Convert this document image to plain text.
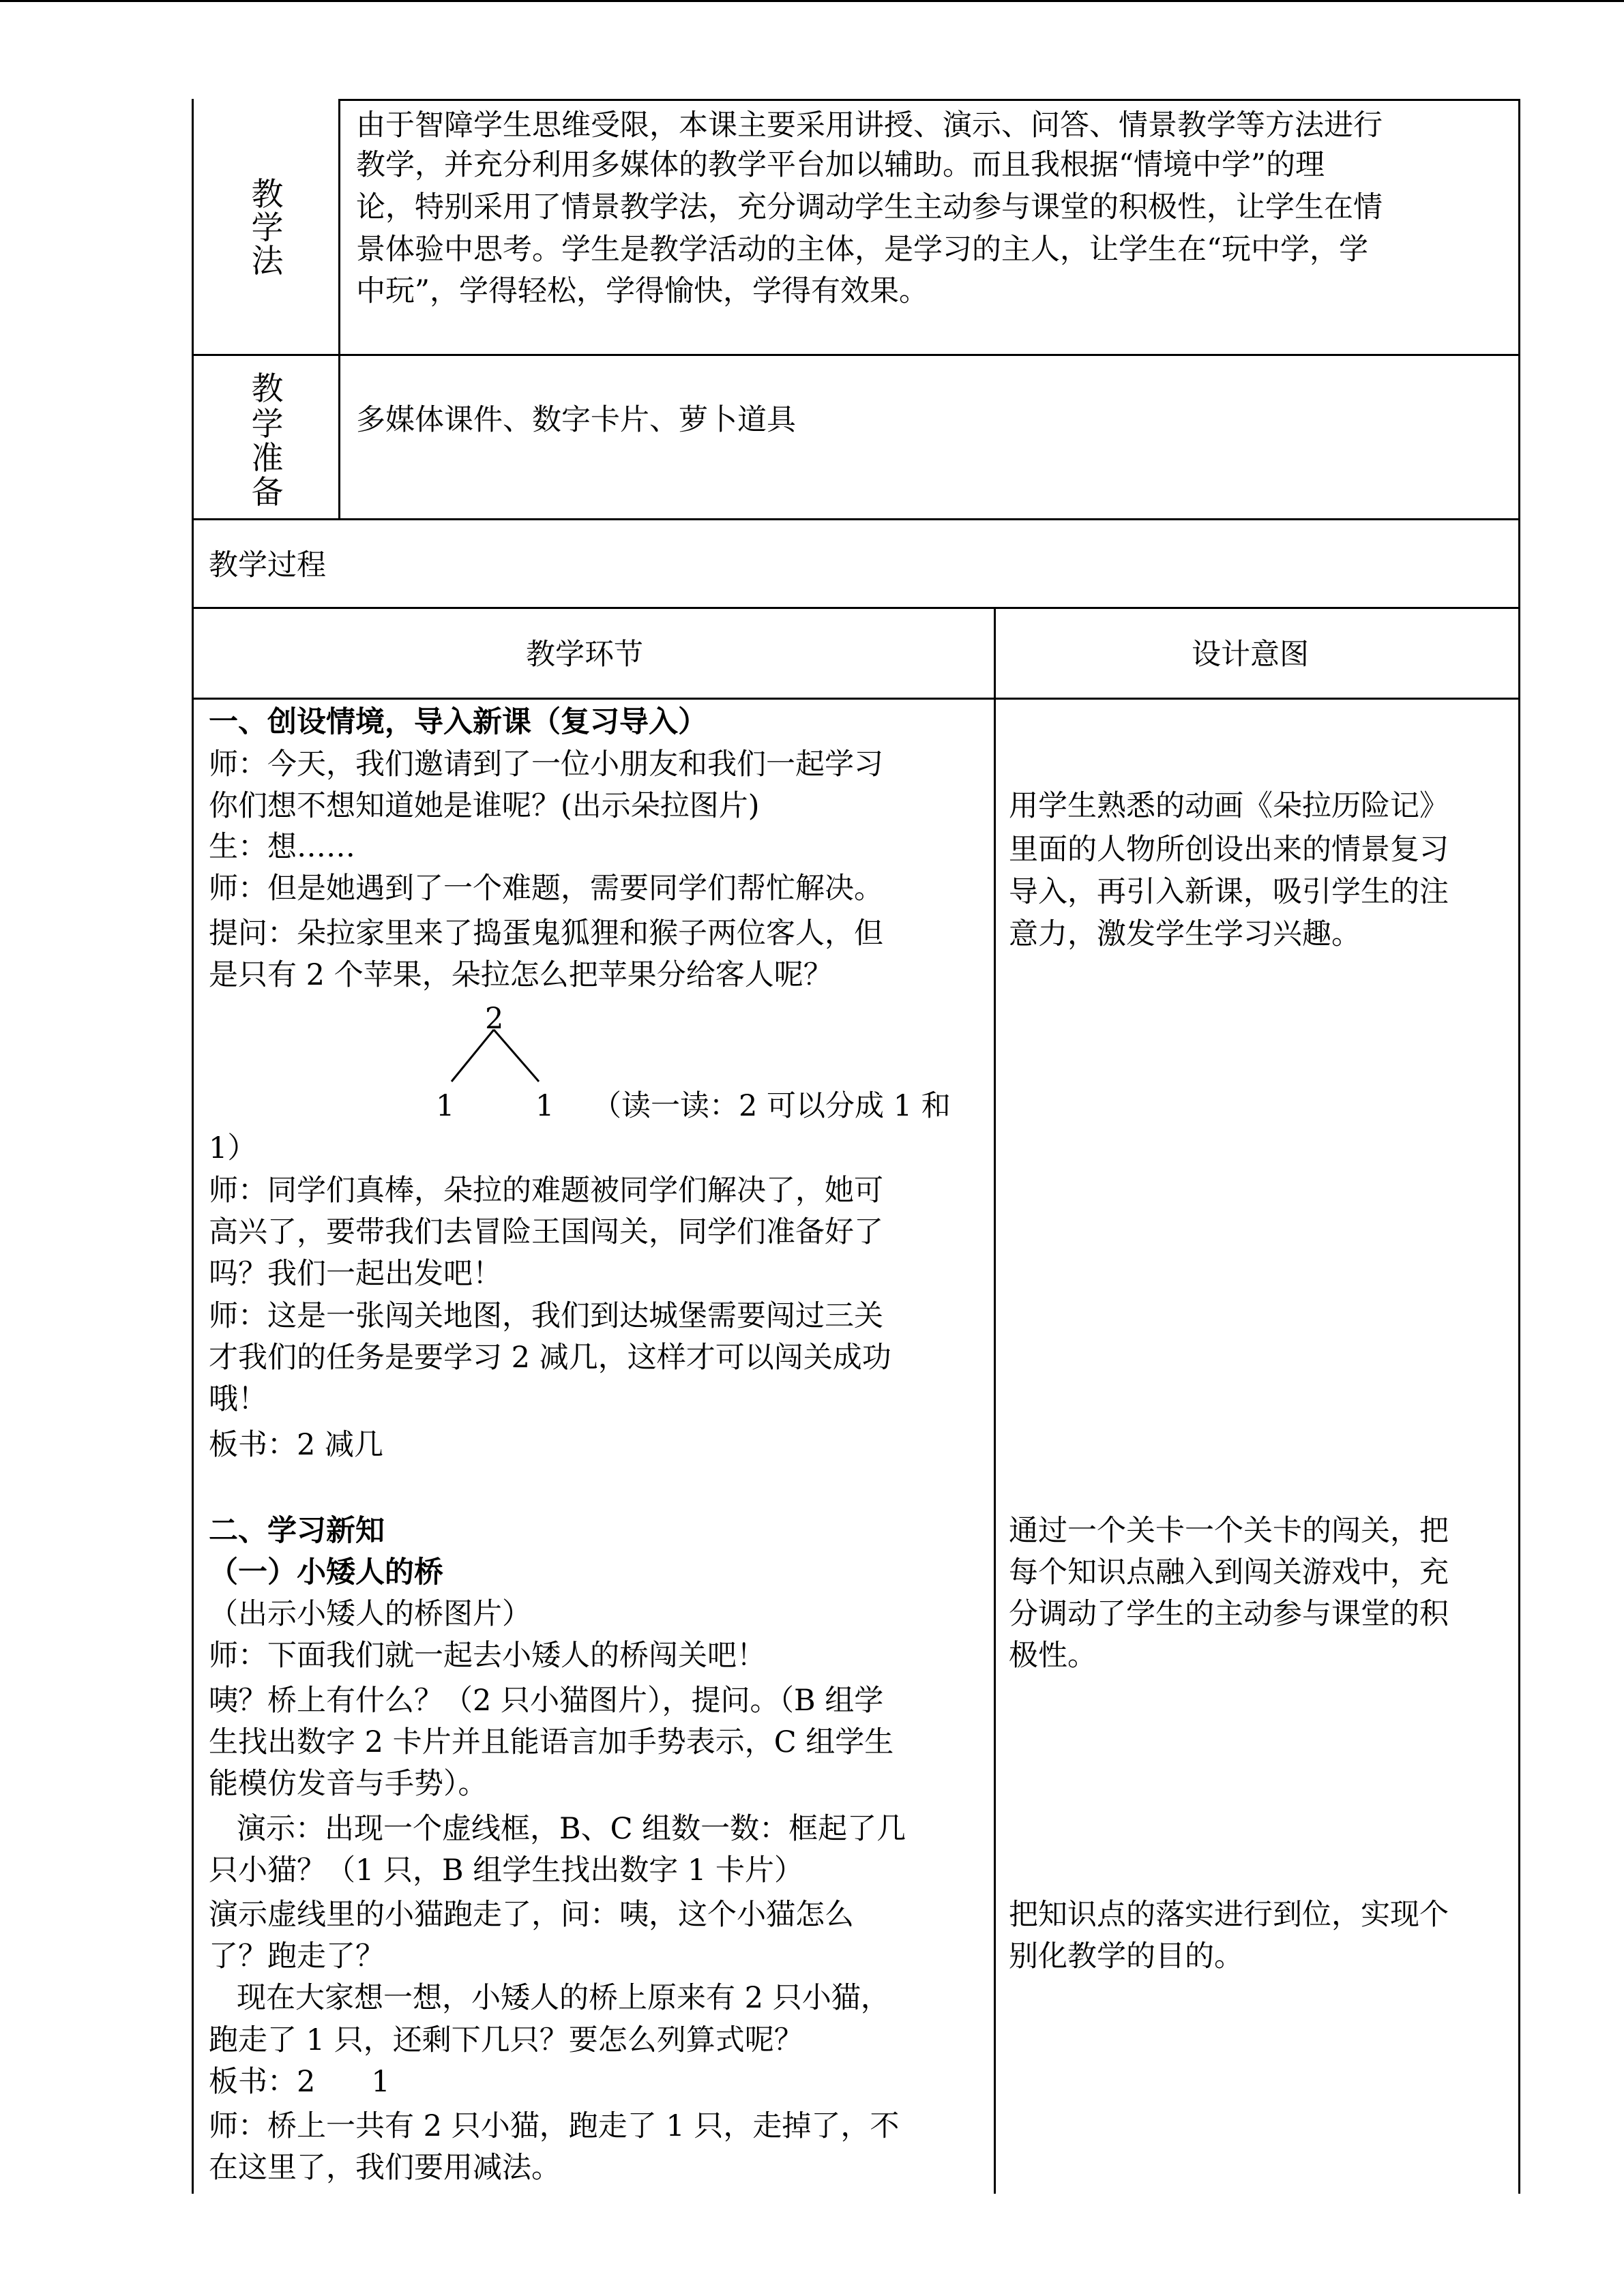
教
学
法
由于智障学生思维受限，本课主要采用讲授、演示、问答、情景教学等方法进行
教学，并充分利用多媒体的教学平台加以辅助。而且我根据“情境中学”的理
论，特别采用了情景教学法，充分调动学生主动参与课堂的积极性，让学生在情
景体验中思考。学生是教学活动的主体，是学习的主人，让学生在“玩中学，学
中玩”，学得轻松，学得愉快，学得有效果。
教
学
准
备
多媒体课件、数字卡片、萝卜道具
教学过程
教学环节	设计意图
一、创设情境，导入新课（复习导入）
师：今天，我们邀请到了一位小朋友和我们一起学习
你们想不想知道她是谁呢？(出示朵拉图片)
生：想……
师：但是她遇到了一个难题，需要同学们帮忙解决。
提问：朵拉家里来了捣蛋鬼狐狸和猴子两位客人，但
是只有 2 个苹果，朵拉怎么把苹果分给客人呢？
2
1	1 （读一读：2 可以分成 1 和
1）
师：同学们真棒，朵拉的难题被同学们解决了，她可
高兴了，要带我们去冒险王国闯关，同学们准备好了
吗？我们一起出发吧！
师：这是一张闯关地图，我们到达城堡需要闯过三关
才我们的任务是要学习 2 减几，这样才可以闯关成功
哦！
板书：2 减几
二、学习新知
（一）小矮人的桥
（出示小矮人的桥图片）
师：下面我们就一起去小矮人的桥闯关吧！
咦？桥上有什么？（2 只小猫图片），提问。（B 组学
生找出数字 2 卡片并且能语言加手势表示，C 组学生
能模仿发音与手势）。
演示：出现一个虚线框，B、C 组数一数：框起了几
只小猫？（1 只，B 组学生找出数字 1 卡片）
演示虚线里的小猫跑走了，问：咦，这个小猫怎么
了？跑走了？
现在大家想一想，小矮人的桥上原来有 2 只小猫，
跑走了 1 只，还剩下几只？要怎么列算式呢？
板书：2      1
师：桥上一共有 2 只小猫，跑走了 1 只，走掉了，不
在这里了，我们要用减法。
用学生熟悉的动画《朵拉历险记》
里面的人物所创设出来的情景复习
导入，再引入新课，吸引学生的注
意力，激发学生学习兴趣。
通过一个关卡一个关卡的闯关，把
每个知识点融入到闯关游戏中，充
分调动了学生的主动参与课堂的积
极性。
把知识点的落实进行到位，实现个
别化教学的目的。
